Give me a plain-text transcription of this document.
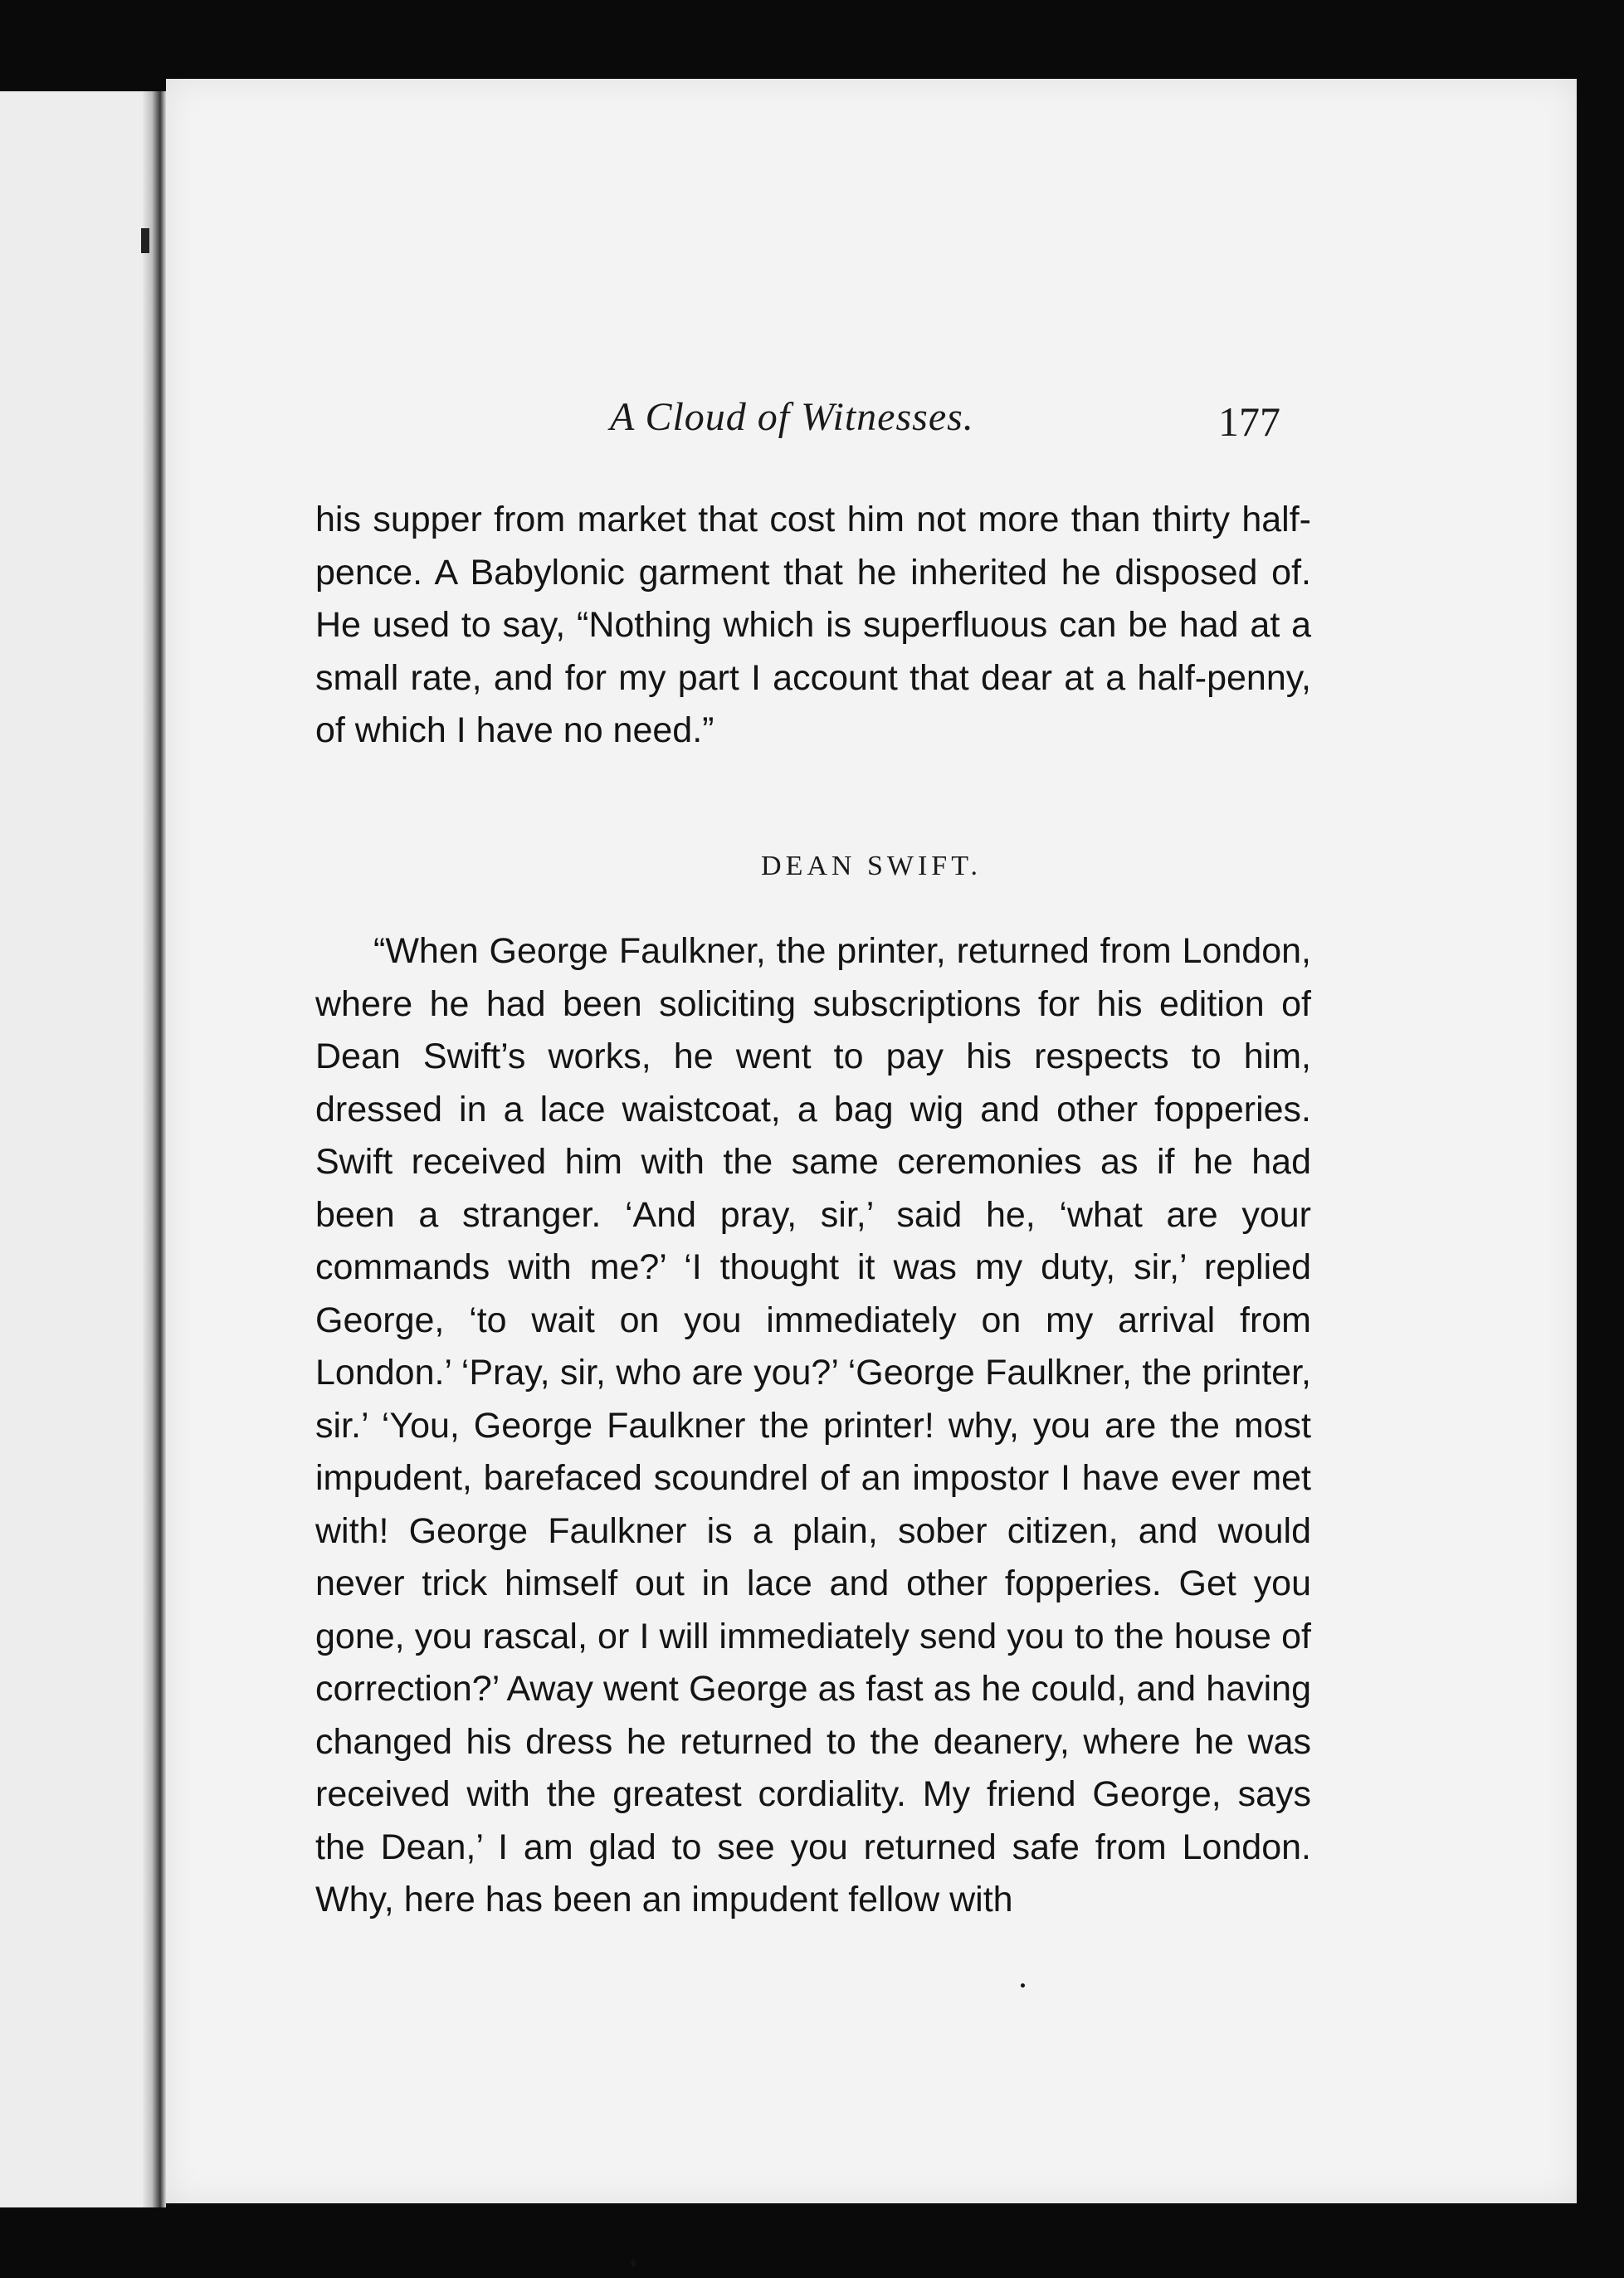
A Cloud of Witnesses.	177

his supper from market that cost him not more than thirty half-pence. A Babylonic garment that he inherited he disposed of. He used to say, “Nothing which is superfluous can be had at a small rate, and for my part I account that dear at a half-penny, of which I have no need.”

DEAN SWIFT.

“When George Faulkner, the printer, returned from London, where he had been soliciting subscriptions for his edition of Dean Swift’s works, he went to pay his respects to him, dressed in a lace waistcoat, a bag wig and other fopperies. Swift received him with the same ceremonies as if he had been a stranger. ‘And pray, sir,’ said he, ‘what are your commands with me?’ ‘I thought it was my duty, sir,’ replied George, ‘to wait on you immediately on my arrival from London.’ ‘Pray, sir, who are you?’ ‘George Faulkner, the printer, sir.’ ‘You, George Faulkner the printer! why, you are the most impudent, barefaced scoundrel of an impostor I have ever met with! George Faulkner is a plain, sober citizen, and would never trick himself out in lace and other fopperies. Get you gone, you rascal, or I will immediately send you to the house of correction?’ Away went George as fast as he could, and having changed his dress he returned to the deanery, where he was received with the greatest cordiality. My friend George, says the Dean,’ I am glad to see you returned safe from London. Why, here has been an impudent fellow with
